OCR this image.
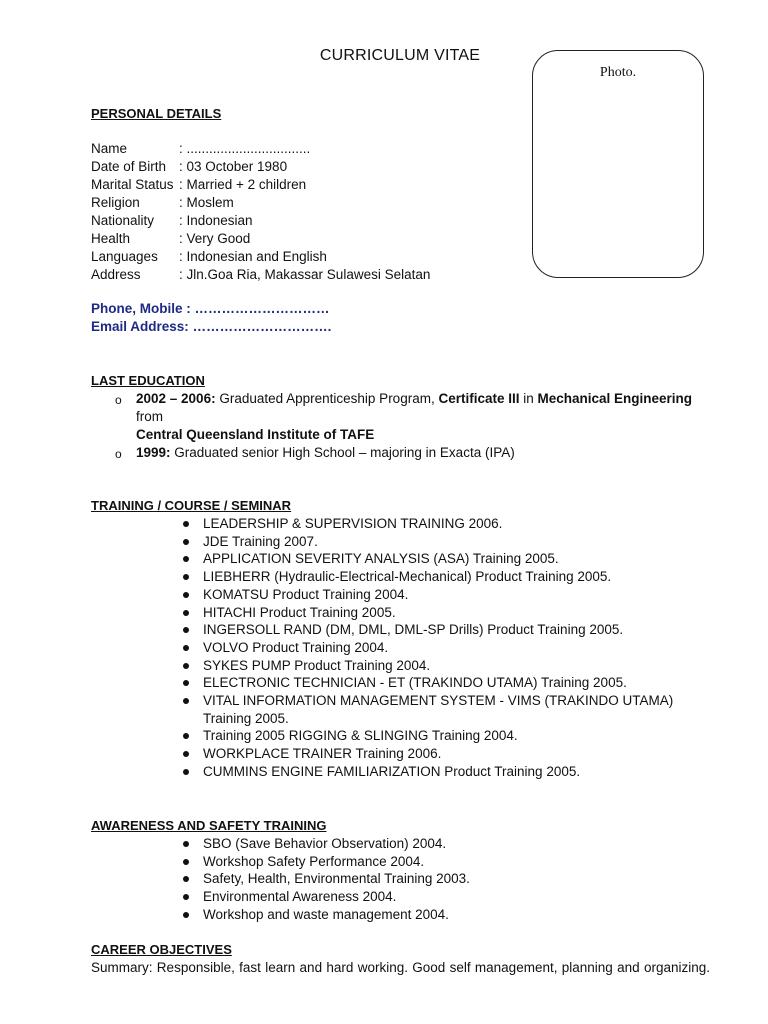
CURRICULUM VITAE
Photo.
PERSONAL DETAILS
Name	: .................................
Date of Birth : 03 October 1980
Marital Status : Married + 2 children
Religion	: Moslem
Nationality : Indonesian
Health	: Very Good
Languages : Indonesian and English
Address	: Jln.Goa Ria, Makassar Sulawesi Selatan
Phone, Mobile : …………………………
Email Address: ………………………….
LAST EDUCATION
o 2002 – 2006: Graduated Apprenticeship Program, Certificate III in Mechanical Engineering from
Central Queensland Institute of TAFE
o 1999: Graduated senior High School – majoring in Exacta (IPA)
TRAINING / COURSE / SEMINAR
LEADERSHIP & SUPERVISION TRAINING 2006.
JDE Training 2007.
APPLICATION SEVERITY ANALYSIS (ASA) Training 2005.
LIEBHERR (Hydraulic-Electrical-Mechanical) Product Training 2005.
KOMATSU Product Training 2004.
HITACHI Product Training 2005.
INGERSOLL RAND (DM, DML, DML-SP Drills) Product Training 2005.
VOLVO Product Training 2004.
SYKES PUMP Product Training 2004.
ELECTRONIC TECHNICIAN - ET (TRAKINDO UTAMA) Training 2005.
VITAL INFORMATION MANAGEMENT SYSTEM - VIMS (TRAKINDO UTAMA) Training 2005.
Training 2005 RIGGING & SLINGING Training 2004.
WORKPLACE TRAINER Training 2006.
CUMMINS ENGINE FAMILIARIZATION Product Training 2005.
AWARENESS AND SAFETY TRAINING
SBO (Save Behavior Observation) 2004.
Workshop Safety Performance 2004.
Safety, Health, Environmental Training 2003.
Environmental Awareness 2004.
Workshop and waste management 2004.
CAREER OBJECTIVES
Summary: Responsible, fast learn and hard working. Good self management, planning and organizing.
